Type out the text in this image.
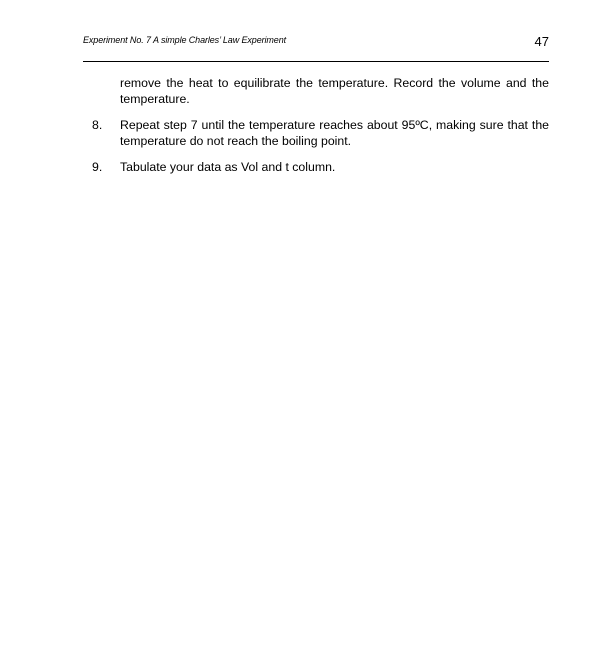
Experiment No. 7 A simple Charles’ Law Experiment	47

remove the heat to equilibrate the temperature. Record the volume and the temperature.

8. Repeat step 7 until the temperature reaches about 95ºC, making sure that the temperature do not reach the boiling point.
9. Tabulate your data as Vol and t column.
